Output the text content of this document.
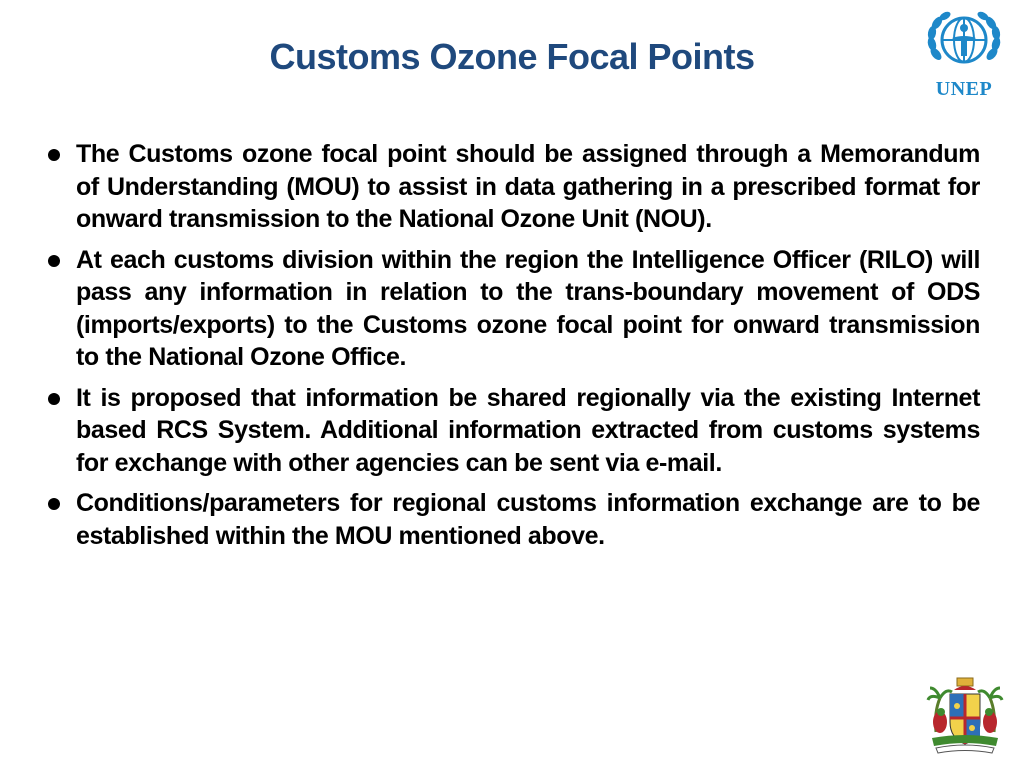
Customs Ozone Focal Points
UNEP
The Customs ozone focal point should be assigned through a Memorandum of Understanding (MOU) to assist in data gathering in a prescribed format for onward transmission to the National Ozone Unit (NOU).
At each customs division within the region the Intelligence Officer (RILO) will pass any information in relation to the trans-boundary movement of ODS (imports/exports) to the Customs ozone focal point for onward transmission to the National Ozone Office.
It is proposed that information be shared regionally via the existing Internet based RCS System. Additional information extracted from customs systems for exchange with other agencies can be sent via e-mail.
Conditions/parameters for regional customs information exchange are to be established within the MOU mentioned above.
